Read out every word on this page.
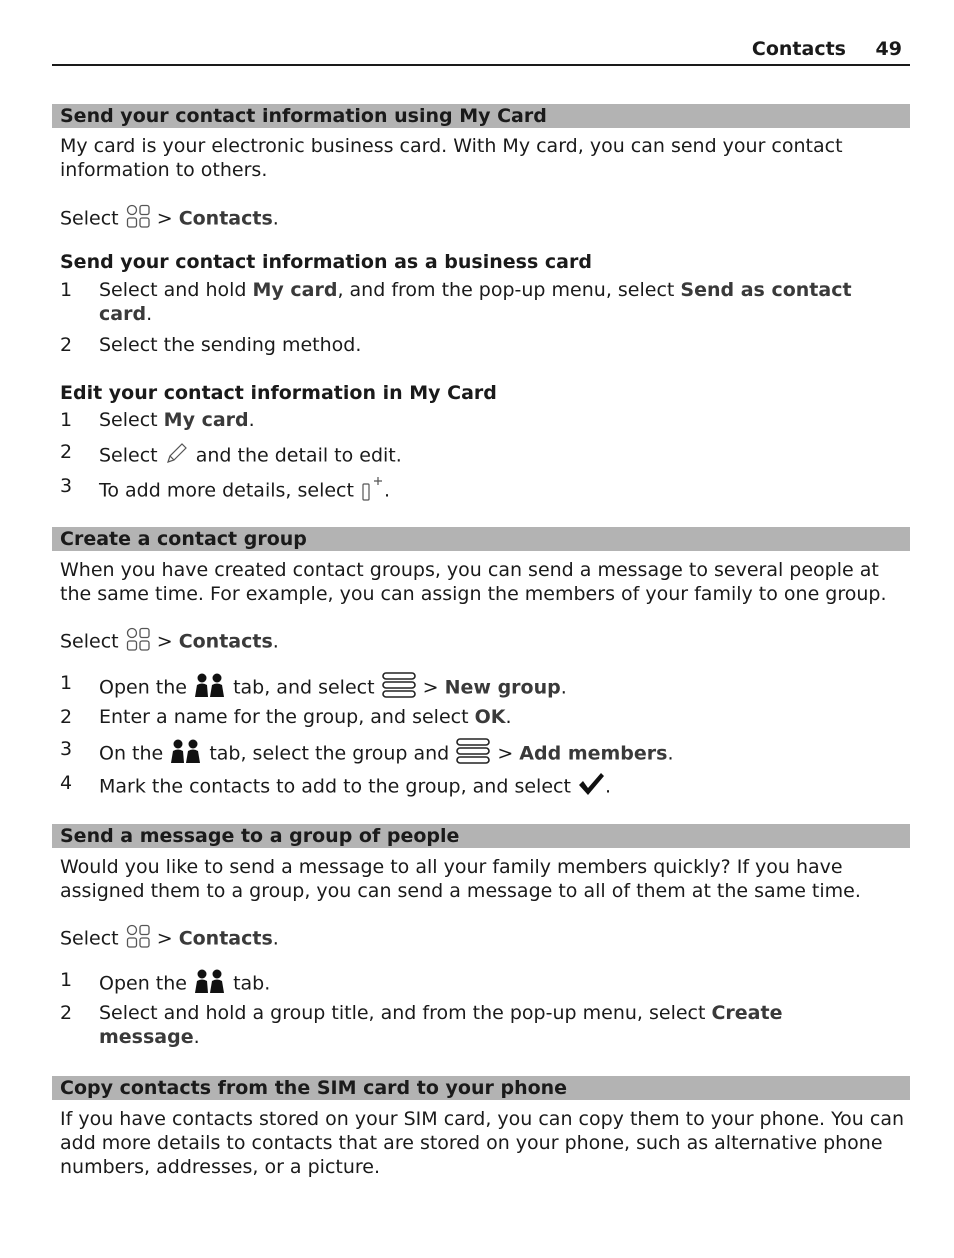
Contacts 49
Send your contact information using My Card
My card is your electronic business card. With My card, you can send your contact information to others.
Select > Contacts.
Send your contact information as a business card
1 Select and hold My card, and from the pop-up menu, select Send as contact card.
2 Select the sending method.
Edit your contact information in My Card
1 Select My card.
2 Select and the detail to edit.
3 To add more details, select .
Create a contact group
When you have created contact groups, you can send a message to several people at the same time. For example, you can assign the members of your family to one group.
Select > Contacts.
1 Open the tab, and select	> New group.
2 Enter a name for the group, and select OK.
3 On the tab, select the group and	> Add members.
4 Mark the contacts to add to the group, and select .
Send a message to a group of people
Would you like to send a message to all your family members quickly? If you have assigned them to a group, you can send a message to all of them at the same time.
Select > Contacts.
1 Open the tab.
2 Select and hold a group title, and from the pop-up menu, select Create message.
Copy contacts from the SIM card to your phone
If you have contacts stored on your SIM card, you can copy them to your phone. You can add more details to contacts that are stored on your phone, such as alternative phone numbers, addresses, or a picture.
